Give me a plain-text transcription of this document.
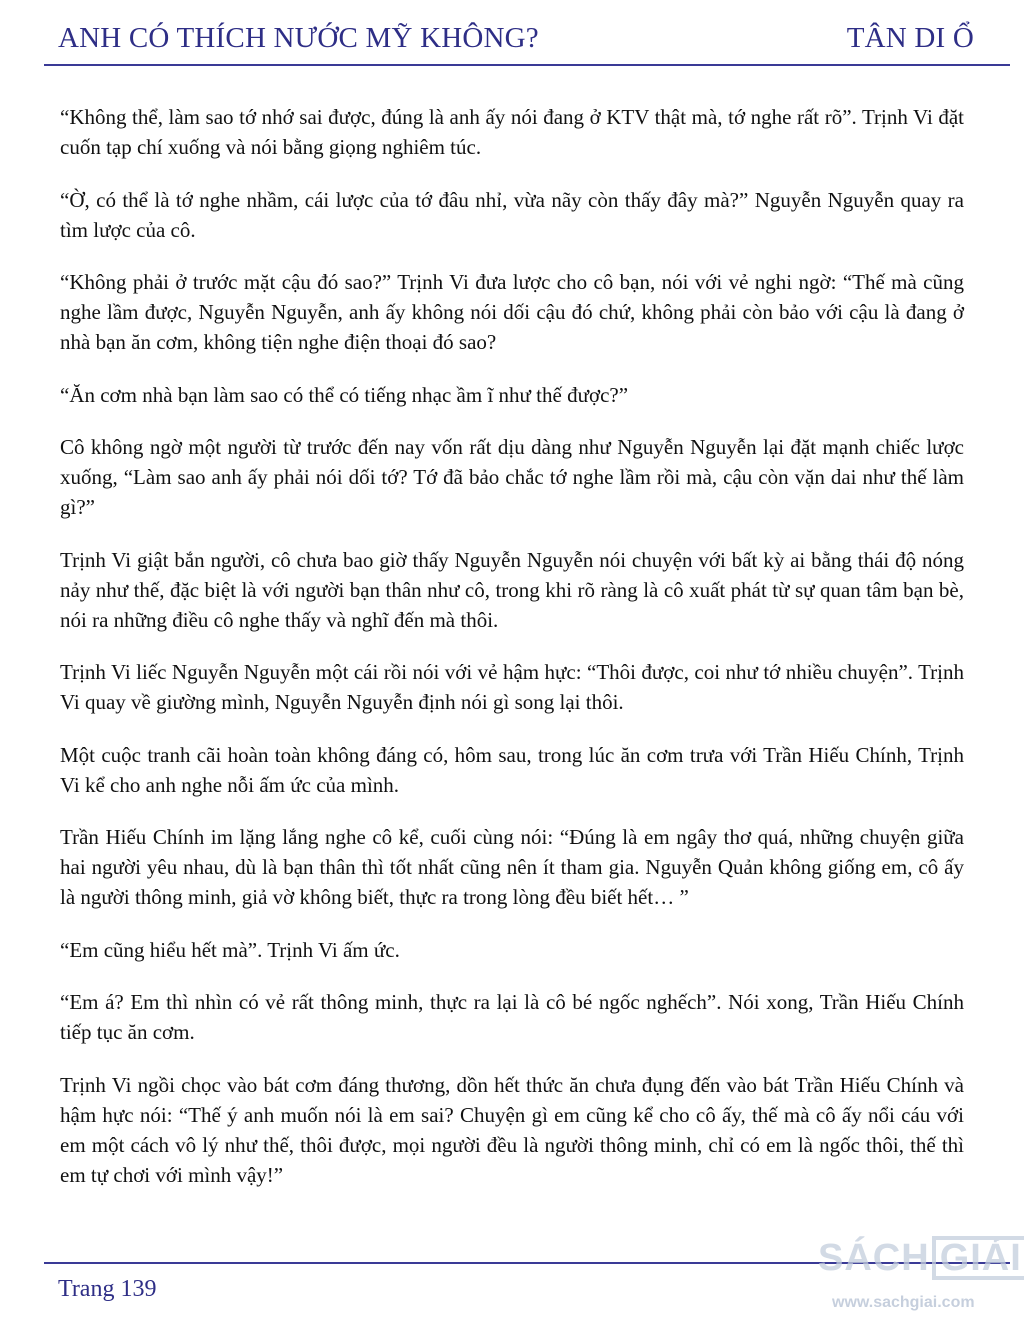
ANH CÓ THÍCH NƯỚC MỸ KHÔNG?	TÂN DI Ổ

“Không thể, làm sao tớ nhớ sai được, đúng là anh ấy nói đang ở KTV thật mà, tớ nghe rất rõ”. Trịnh Vi đặt cuốn tạp chí xuống và nói bằng giọng nghiêm túc.

“Ờ, có thể là tớ nghe nhầm, cái lược của tớ đâu nhỉ, vừa nãy còn thấy đây mà?” Nguyễn Nguyễn quay ra tìm lược của cô.

“Không phải ở trước mặt cậu đó sao?” Trịnh Vi đưa lược cho cô bạn, nói với vẻ nghi ngờ: “Thế mà cũng nghe lầm được, Nguyễn Nguyễn, anh ấy không nói dối cậu đó chứ, không phải còn bảo với cậu là đang ở nhà bạn ăn cơm, không tiện nghe điện thoại đó sao?

“Ăn cơm nhà bạn làm sao có thể có tiếng nhạc ầm ĩ như thế được?”

Cô không ngờ một người từ trước đến nay vốn rất dịu dàng như Nguyễn Nguyễn lại đặt mạnh chiếc lược xuống, “Làm sao anh ấy phải nói dối tớ? Tớ đã bảo chắc tớ nghe lầm rồi mà, cậu còn vặn dai như thế làm gì?”

Trịnh Vi giật bắn người, cô chưa bao giờ thấy Nguyễn Nguyễn nói chuyện với bất kỳ ai bằng thái độ nóng nảy như thế, đặc biệt là với người bạn thân như cô, trong khi rõ ràng là cô xuất phát từ sự quan tâm bạn bè, nói ra những điều cô nghe thấy và nghĩ đến mà thôi.

Trịnh Vi liếc Nguyễn Nguyễn một cái rồi nói với vẻ hậm hực: “Thôi được, coi như tớ nhiều chuyện”. Trịnh Vi quay về giường mình, Nguyễn Nguyễn định nói gì song lại thôi.

Một cuộc tranh cãi hoàn toàn không đáng có, hôm sau, trong lúc ăn cơm trưa với Trần Hiếu Chính, Trịnh Vi kể cho anh nghe nỗi ấm ức của mình.

Trần Hiếu Chính im lặng lắng nghe cô kể, cuối cùng nói: “Đúng là em ngây thơ quá, những chuyện giữa hai người yêu nhau, dù là bạn thân thì tốt nhất cũng nên ít tham gia. Nguyễn Quản không giống em, cô ấy là người thông minh, giả vờ không biết, thực ra trong lòng đều biết hết… ”

“Em cũng hiểu hết mà”. Trịnh Vi ấm ức.

“Em á? Em thì nhìn có vẻ rất thông minh, thực ra lại là cô bé ngốc nghếch”. Nói xong, Trần Hiếu Chính tiếp tục ăn cơm.

Trịnh Vi ngồi chọc vào bát cơm đáng thương, dồn hết thức ăn chưa đụng đến vào bát Trần Hiếu Chính và hậm hực nói: “Thế ý anh muốn nói là em sai? Chuyện gì em cũng kể cho cô ấy, thế mà cô ấy nổi cáu với em một cách vô lý như thế, thôi được, mọi người đều là người thông minh, chỉ có em là ngốc thôi, thế thì em tự chơi với mình vậy!”

Trang 139
SÁCH GIẢI
www.sachgiai.com
